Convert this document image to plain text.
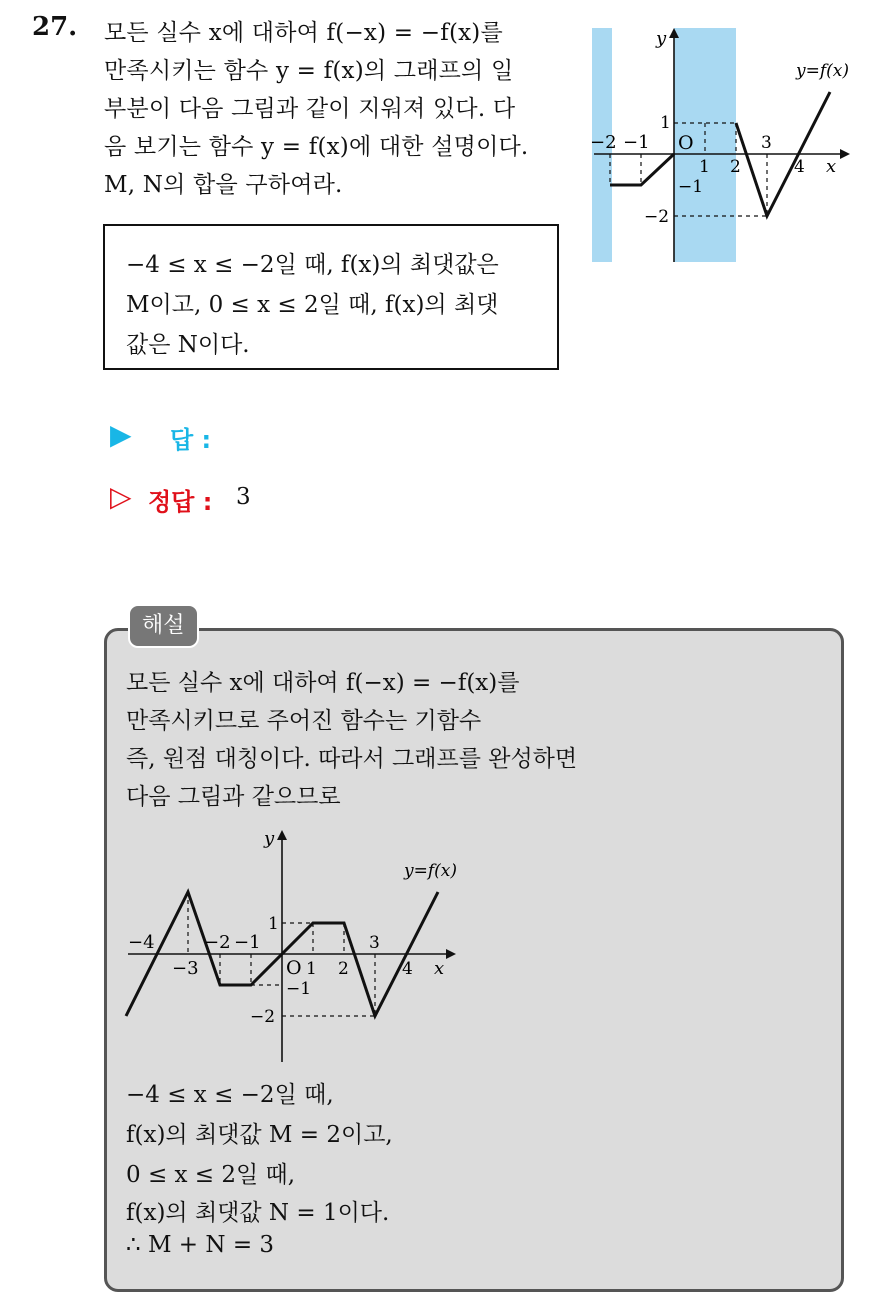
27. 모든 실수 x에 대하여 f(−x) = −f(x)를
만족시키는 함수 y = f(x)의 그래프의 일
부분이 다음 그림과 같이 지워져 있다. 다
음 보기는 함수 y = f(x)에 대한 설명이다.
M, N의 합을 구하여라.
−2 −1 O
1 2
3
4 x
y
1
−1
−2
y=f(x)
−4 ≤ x ≤ −2일 때, f(x)의 최댓값은
M이고, 0 ≤ x ≤ 2일 때, f(x)의 최댓
값은 N이다.
▶ 답 :
▷ 정답 : 3
해설
모든 실수 x에 대하여 f(−x) = −f(x)를
만족시키므로 주어진 함수는 기함수
즉, 원점 대칭이다. 따라서 그래프를 완성하면
다음 그림과 같으므로
−4
−3
−2 −1
O 1 2
3
4 x
y
1
−1
−2
y=f(x)
−4 ≤ x ≤ −2일 때,
f(x)의 최댓값 M = 2이고,
0 ≤ x ≤ 2일 때,
f(x)의 최댓값 N = 1이다.
∴ M + N = 3
